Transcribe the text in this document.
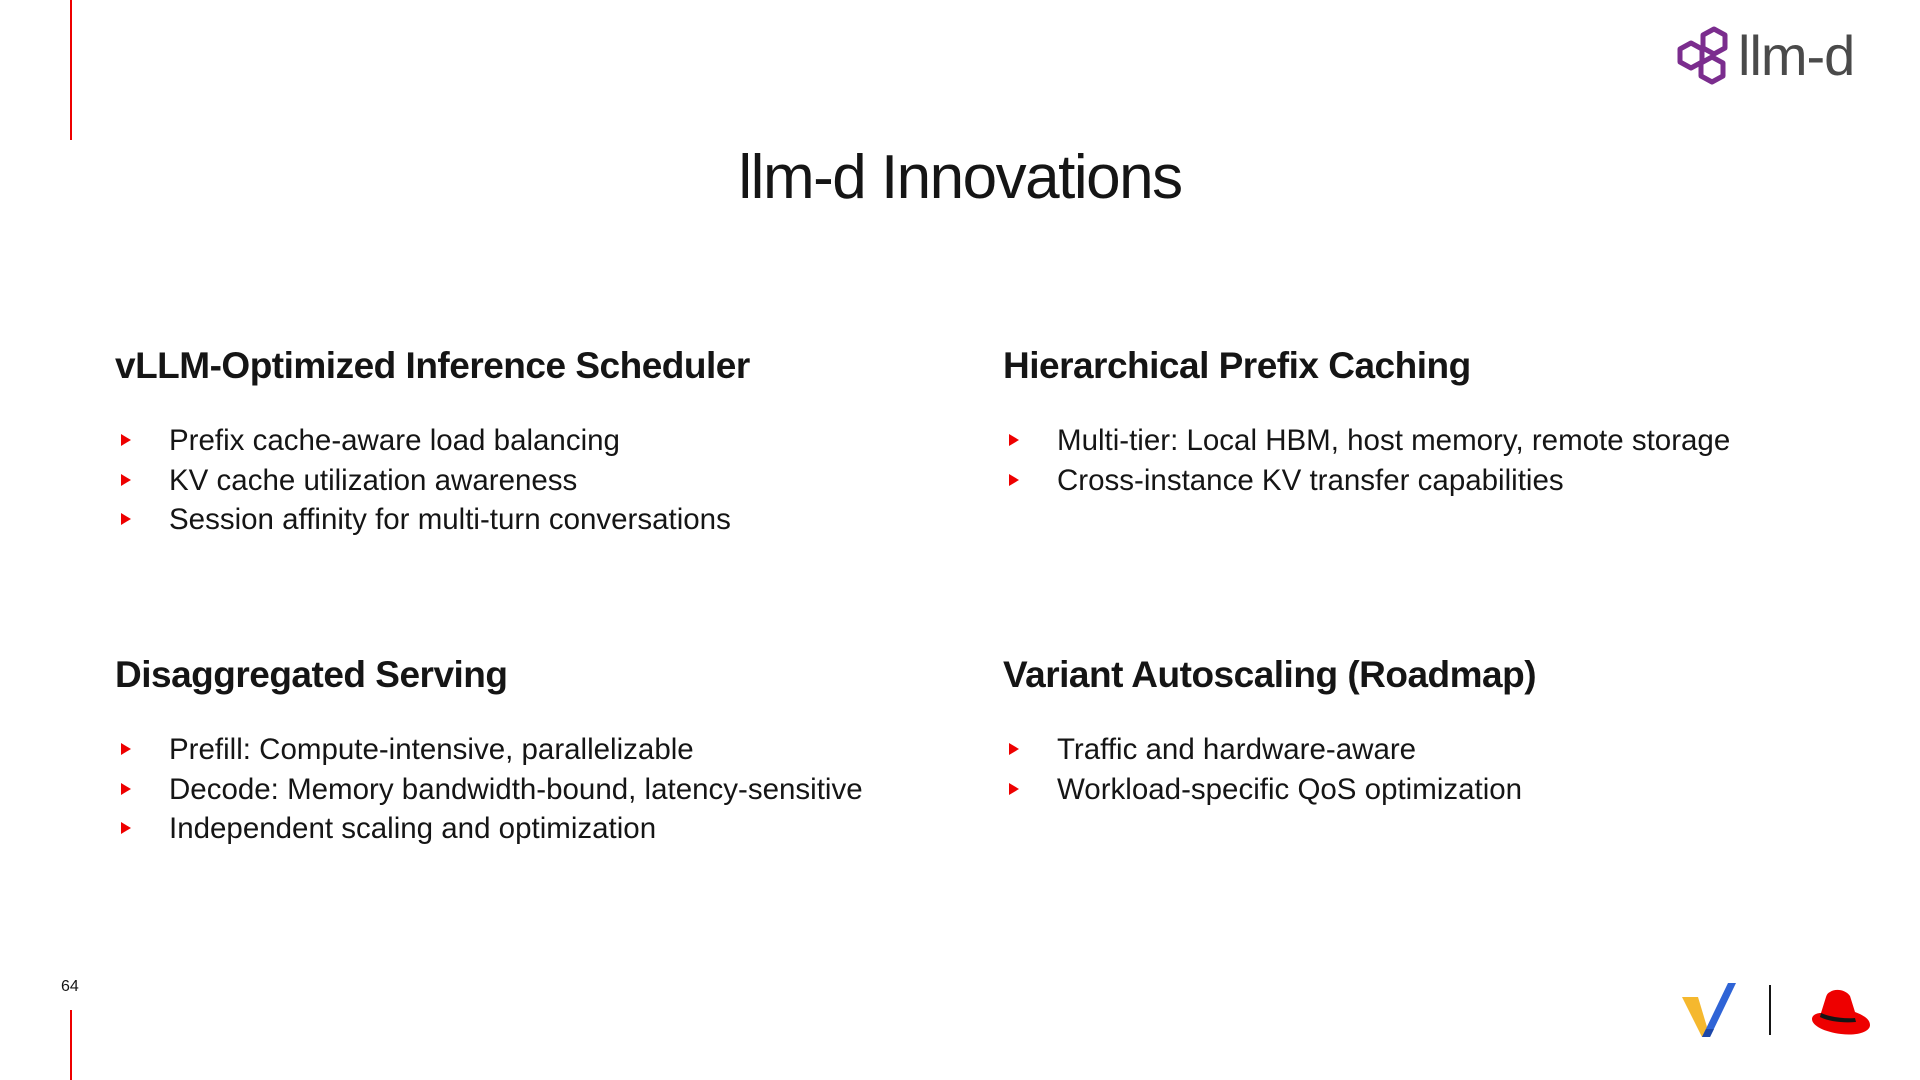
llm-d
llm-d Innovations
vLLM-Optimized Inference Scheduler
Prefix cache-aware load balancing
KV cache utilization awareness
Session affinity for multi-turn conversations
Hierarchical Prefix Caching
Multi-tier: Local HBM, host memory, remote storage
Cross-instance KV transfer capabilities
Disaggregated Serving
Prefill: Compute-intensive, parallelizable
Decode: Memory bandwidth-bound, latency-sensitive
Independent scaling and optimization
Variant Autoscaling (Roadmap)
Traffic and hardware-aware
Workload-specific QoS optimization
64
